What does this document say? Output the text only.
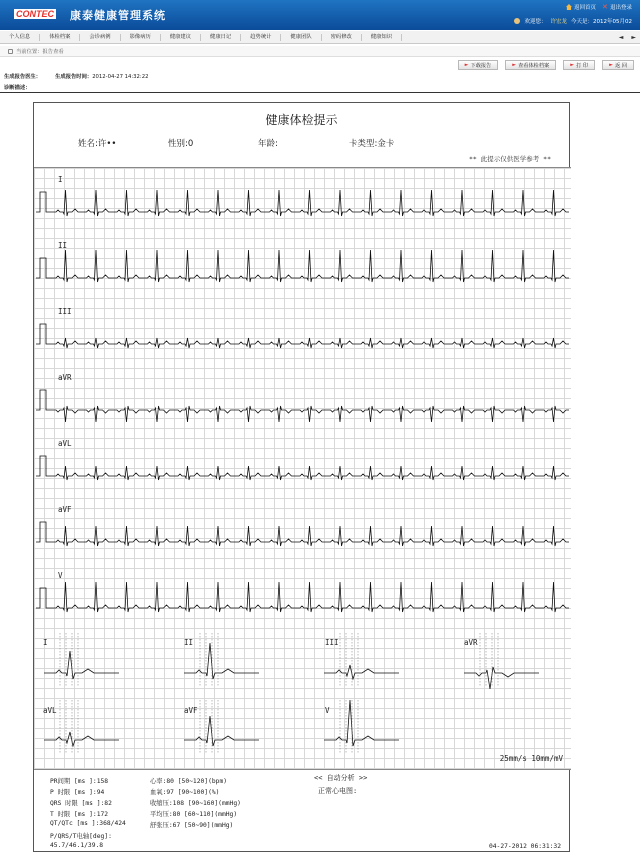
CONTEC 康泰健康管理系统
返回首页 ✕ 退出登录
欢迎您： 许宏龙 今天是：2012年05月02
个人信息	体检档案	会诊病例	影像病历	健康建议	健康日记	趋势统计	健康团队	密码修改	健康知识	◄ ►
当前位置：报告查看
► 下载报告	► 查看体检档案	► 打 印	► 返 回
生成报告医生：	生成报告时间：2012-04-27 14:32:22
诊断描述：
健康体检提示
姓名:许••	性别:0	年龄:	卡类型:金卡
** 此提示仅供医学参考 **
I
II
III
aVR
aVL
aVF
V
I	II	III	aVR
aVL	aVF	V
25mm/s 10mm/mV
PR间期 [ms ]:158
P 时限 [ms ]:94
QRS 时限 [ms ]:82
T 时限 [ms ]:172
QT/QTc [ms ]:368/424
P/QRS/T电轴[deg]:
45.7/46.1/39.8
心率:80 [50~120](bpm)
血氧:97 [90~100](%)
收缩压:108 [90~160](mmHg)
平均压:80 [60~110](mmHg)
舒张压:67 [50~90](mmHg)
<< 自动分析 >>
正常心电图:
04-27-2012 06:31:32
